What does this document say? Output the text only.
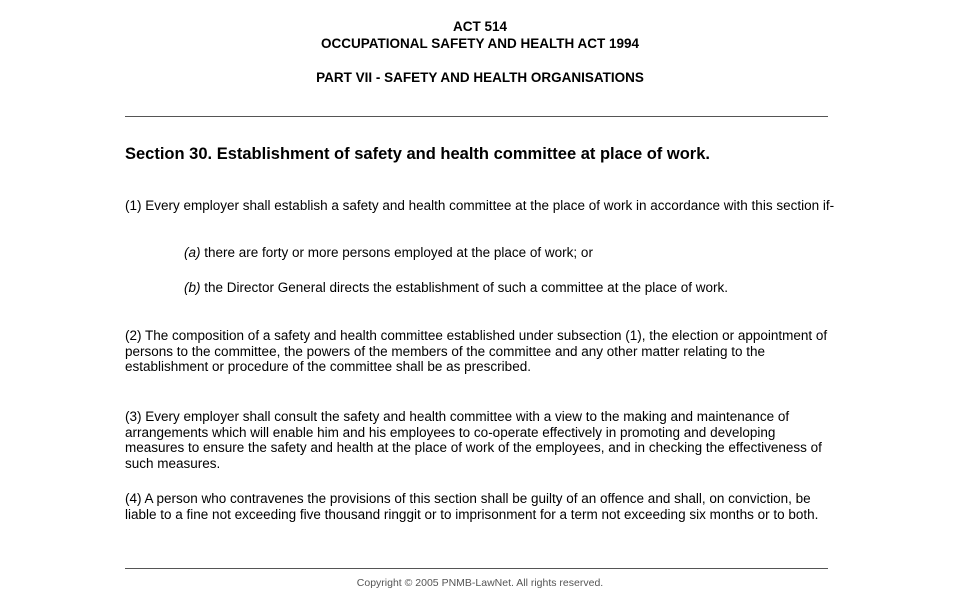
ACT 514
OCCUPATIONAL SAFETY AND HEALTH ACT 1994
PART VII - SAFETY AND HEALTH ORGANISATIONS
Section 30. Establishment of safety and health committee at place of work.
(1) Every employer shall establish a safety and health committee at the place of work in accordance with this section if-
(a) there are forty or more persons employed at the place of work; or
(b) the Director General directs the establishment of such a committee at the place of work.
(2) The composition of a safety and health committee established under subsection (1), the election or appointment of persons to the committee, the powers of the members of the committee and any other matter relating to the establishment or procedure of the committee shall be as prescribed.
(3) Every employer shall consult the safety and health committee with a view to the making and maintenance of arrangements which will enable him and his employees to co-operate effectively in promoting and developing measures to ensure the safety and health at the place of work of the employees, and in checking the effectiveness of such measures.
(4) A person who contravenes the provisions of this section shall be guilty of an offence and shall, on conviction, be liable to a fine not exceeding five thousand ringgit or to imprisonment for a term not exceeding six months or to both.
Copyright © 2005 PNMB-LawNet. All rights reserved.
